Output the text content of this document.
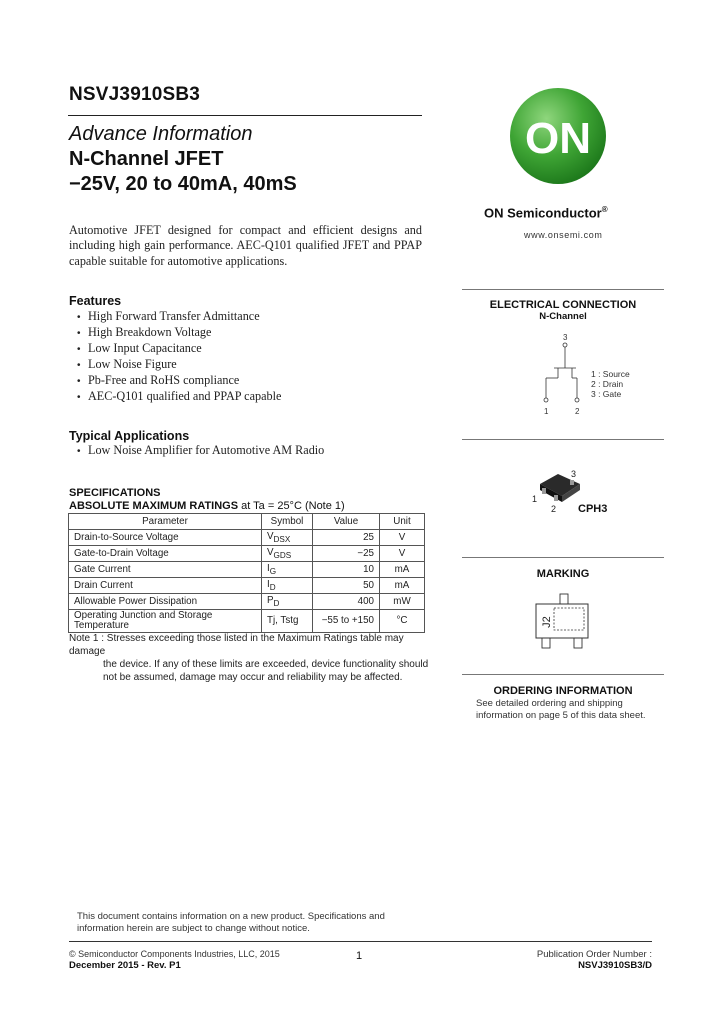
NSVJ3910SB3
Advance Information
N-Channel JFET
−25V, 20 to 40mA, 40mS
Automotive JFET designed for compact and efficient designs and including high gain performance. AEC-Q101 qualified JFET and PPAP capable suitable for automotive applications.
Features
• High Forward Transfer Admittance
• High Breakdown Voltage
• Low Input Capacitance
• Low Noise Figure
• Pb-Free and RoHS compliance
• AEC-Q101 qualified and PPAP capable
Typical Applications
• Low Noise Amplifier for Automotive AM Radio
SPECIFICATIONS
ABSOLUTE MAXIMUM RATINGS at Ta = 25°C (Note 1)
Parameter	Symbol	Value	Unit
Drain-to-Source Voltage	$V_{DSX}$	25	V
Gate-to-Drain Voltage	$V_{GDS}$	−25	V
Gate Current	$I_G$	10	mA
Drain Current	$I_D$	50	mA
Allowable Power Dissipation	$P_D$	400	mW
Operating Junction and Storage Temperature	Tj, Tstg	−55 to +150	°C
Note 1 : Stresses exceeding those listed in the Maximum Ratings table may damage
the device. If any of these limits are exceeded, device functionality should not be assumed, damage may occur and reliability may be affected.
ON
ON Semiconductor®
www.onsemi.com
ELECTRICAL CONNECTION
N-Channel
3
1	2
1 : Source
2 : Drain
3 : Gate
1
2
3
CPH3
MARKING
J2
ORDERING INFORMATION
See detailed ordering and shipping information on page 5 of this data sheet.
This document contains information on a new product. Specifications and information herein are subject to change without notice.
© Semiconductor Components Industries, LLC, 2015
December 2015 - Rev. P1
1	Publication Order Number :
NSVJ3910SB3/D
